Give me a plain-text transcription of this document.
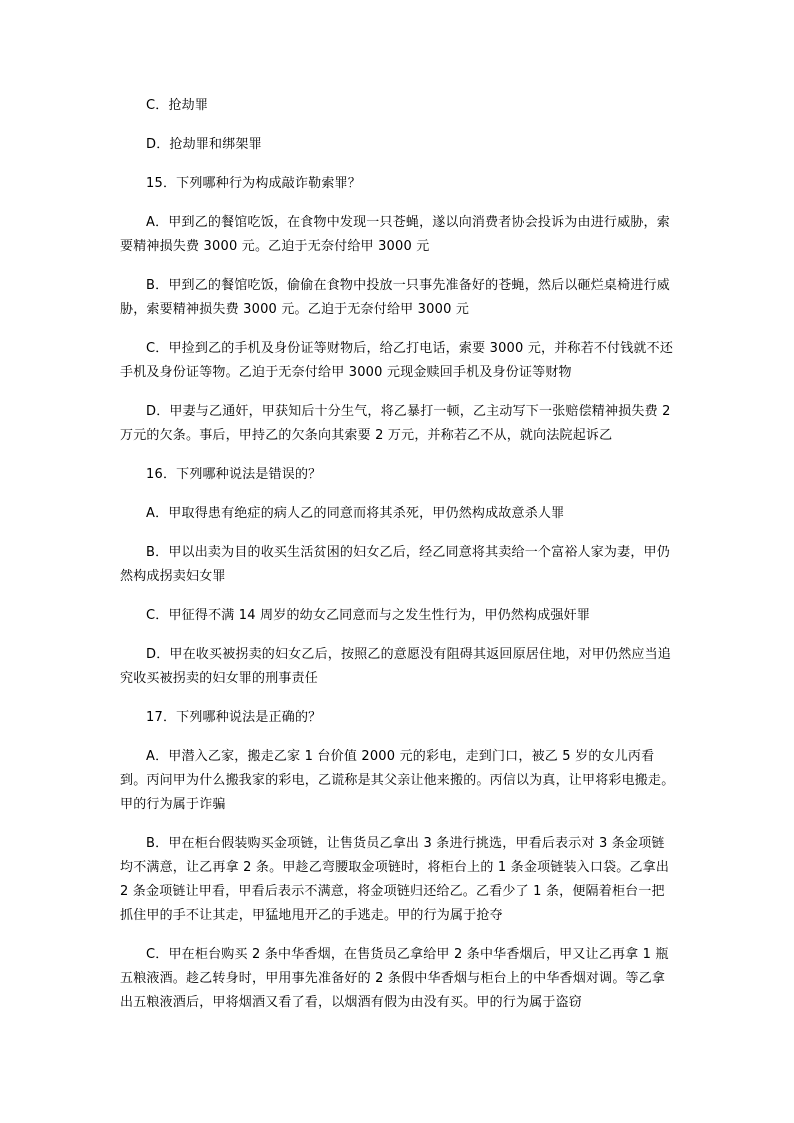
C．抢劫罪

D．抢劫罪和绑架罪

15．下列哪种行为构成敲诈勒索罪？

A．甲到乙的餐馆吃饭，在食物中发现一只苍蝇，遂以向消费者协会投诉为由进行威胁，索要精神损失费 3000 元。乙迫于无奈付给甲 3000 元

B．甲到乙的餐馆吃饭，偷偷在食物中投放一只事先准备好的苍蝇，然后以砸烂桌椅进行威胁，索要精神损失费 3000 元。乙迫于无奈付给甲 3000 元

C．甲捡到乙的手机及身份证等财物后，给乙打电话，索要 3000 元，并称若不付钱就不还手机及身份证等物。乙迫于无奈付给甲 3000 元现金赎回手机及身份证等财物

D．甲妻与乙通奸，甲获知后十分生气，将乙暴打一顿，乙主动写下一张赔偿精神损失费 2 万元的欠条。事后，甲持乙的欠条向其索要 2 万元，并称若乙不从，就向法院起诉乙

16．下列哪种说法是错误的？

A．甲取得患有绝症的病人乙的同意而将其杀死，甲仍然构成故意杀人罪

B．甲以出卖为目的收买生活贫困的妇女乙后，经乙同意将其卖给一个富裕人家为妻，甲仍然构成拐卖妇女罪

C．甲征得不满 14 周岁的幼女乙同意而与之发生性行为，甲仍然构成强奸罪

D．甲在收买被拐卖的妇女乙后，按照乙的意愿没有阻碍其返回原居住地，对甲仍然应当追究收买被拐卖的妇女罪的刑事责任

17．下列哪种说法是正确的？

A．甲潜入乙家，搬走乙家 1 台价值 2000 元的彩电，走到门口，被乙 5 岁的女儿丙看到。丙问甲为什么搬我家的彩电，乙谎称是其父亲让他来搬的。丙信以为真，让甲将彩电搬走。甲的行为属于诈骗

B．甲在柜台假装购买金项链，让售货员乙拿出 3 条进行挑选，甲看后表示对 3 条金项链均不满意，让乙再拿 2 条。甲趁乙弯腰取金项链时，将柜台上的 1 条金项链装入口袋。乙拿出 2 条金项链让甲看，甲看后表示不满意，将金项链归还给乙。乙看少了 1 条，便隔着柜台一把抓住甲的手不让其走，甲猛地甩开乙的手逃走。甲的行为属于抢夺

C．甲在柜台购买 2 条中华香烟，在售货员乙拿给甲 2 条中华香烟后，甲又让乙再拿 1 瓶五粮液酒。趁乙转身时，甲用事先准备好的 2 条假中华香烟与柜台上的中华香烟对调。等乙拿出五粮液酒后，甲将烟酒又看了看，以烟酒有假为由没有买。甲的行为属于盗窃
